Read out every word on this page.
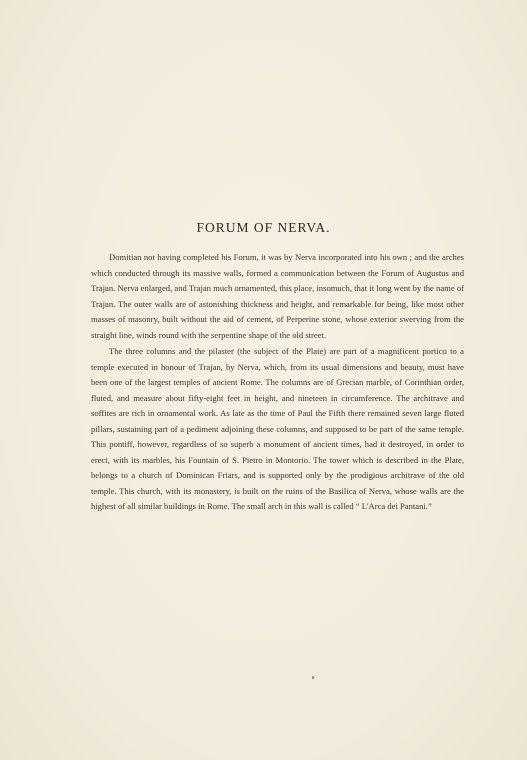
FORUM OF NERVA.

Domitian not having completed his Forum, it was by Nerva incorporated into his own ; and the arches which conducted through its massive walls, formed a communication between the Forum of Augustus and Trajan. Nerva enlarged, and Trajan much ornamented, this place, insomuch, that it long went by the name of Trajan. The outer walls are of astonishing thickness and height, and remarkable for being, like most other masses of masonry, built without the aid of cement, of Perperine stone, whose exterior swerving from the straight line, winds round with the serpentine shape of the old street.

The three columns and the pilaster (the subject of the Plate) are part of a magnificent portico to a temple executed in honour of Trajan, by Nerva, which, from its usual dimensions and beauty, must have been one of the largest temples of ancient Rome. The columns are of Grecian marble, of Corinthian order, fluted, and measure about fifty-eight feet in height, and nineteen in circumference. The architrave and soffites are rich in ornamental work. As late as the time of Paul the Fifth there remained seven large fluted pillars, sustaining part of a pediment adjoining these columns, and supposed to be part of the same temple. This pontiff, however, regardless of so superb a monument of ancient times, had it destroyed, in order to erect, with its marbles, his Fountain of S. Pietro in Montorio. The tower which is described in the Plate, belongs to a church of Dominican Friars, and is supported only by the prodigious architrave of the old temple. This church, with its monastery, is built on the ruins of the Basilica of Nerva, whose walls are the highest of all similar buildings in Rome. The small arch in this wall is called “ L'Arca dei Pantani.”
